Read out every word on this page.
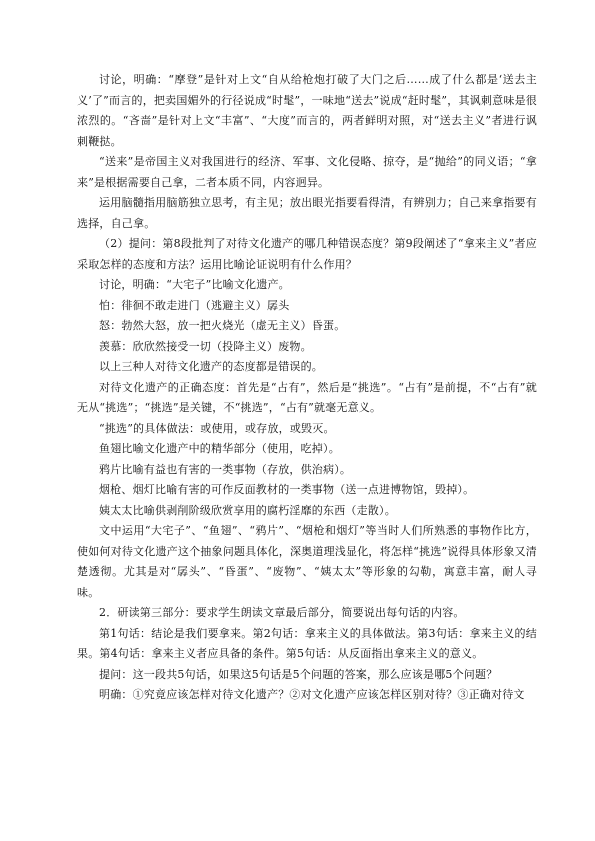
讨论，明确：“摩登”是针对上文“自从给枪炮打破了大门之后……成了什么都是‘送去主义’了”而言的，把卖国媚外的行径说成“时髦”，一味地“送去”说成“赶时髦”，其讽刺意味是很浓烈的。“吝啬”是针对上文“丰富”、“大度”而言的，两者鲜明对照，对“送去主义”者进行讽刺鞭挞。

“送来”是帝国主义对我国进行的经济、军事、文化侵略、掠夺，是“抛给”的同义语；“拿来”是根据需要自己拿，二者本质不同，内容迥异。

运用脑髓指用脑筋独立思考，有主见；放出眼光指要看得清，有辨别力；自己来拿指要有选择，自己拿。

（2）提问：第8段批判了对待文化遗产的哪几种错误态度？第9段阐述了“拿来主义”者应采取怎样的态度和方法？运用比喻论证说明有什么作用？

讨论，明确：“大宅子”比喻文化遗产。

怕：徘徊不敢走进门（逃避主义）孱头

怒：勃然大怒，放一把火烧光（虚无主义）昏蛋。

羡慕：欣欣然接受一切（投降主义）废物。

以上三种人对待文化遗产的态度都是错误的。

对待文化遗产的正确态度：首先是“占有”，然后是“挑选”。“占有”是前提，不“占有”就无从“挑选”；“挑选”是关键，不“挑选”，“占有”就毫无意义。

“挑选”的具体做法：或使用，或存放，或毁灭。

鱼翅比喻文化遗产中的精华部分（使用，吃掉）。

鸦片比喻有益也有害的一类事物（存放，供治病）。

烟枪、烟灯比喻有害的可作反面教材的一类事物（送一点进博物馆，毁掉）。

姨太太比喻供剥削阶级欣赏享用的腐朽淫靡的东西（走散）。

文中运用“大宅子”、“鱼翅”、“鸦片”、“烟枪和烟灯”等当时人们所熟悉的事物作比方，使如何对待文化遗产这个抽象问题具体化，深奥道理浅显化，将怎样“挑选”说得具体形象又清楚透彻。尤其是对“孱头”、“昏蛋”、“废物”、“姨太太”等形象的勾勒，寓意丰富，耐人寻味。

2．研读第三部分：要求学生朗读文章最后部分，简要说出每句话的内容。

第1句话：结论是我们要拿来。第2句话：拿来主义的具体做法。第3句话：拿来主义的结果。第4句话：拿来主义者应具备的条件。第5句话：从反面指出拿来主义的意义。

提问：这一段共5句话，如果这5句话是5个问题的答案，那么应该是哪5个问题？

明确：①究竟应该怎样对待文化遗产？②对文化遗产应该怎样区别对待？③正确对待文
